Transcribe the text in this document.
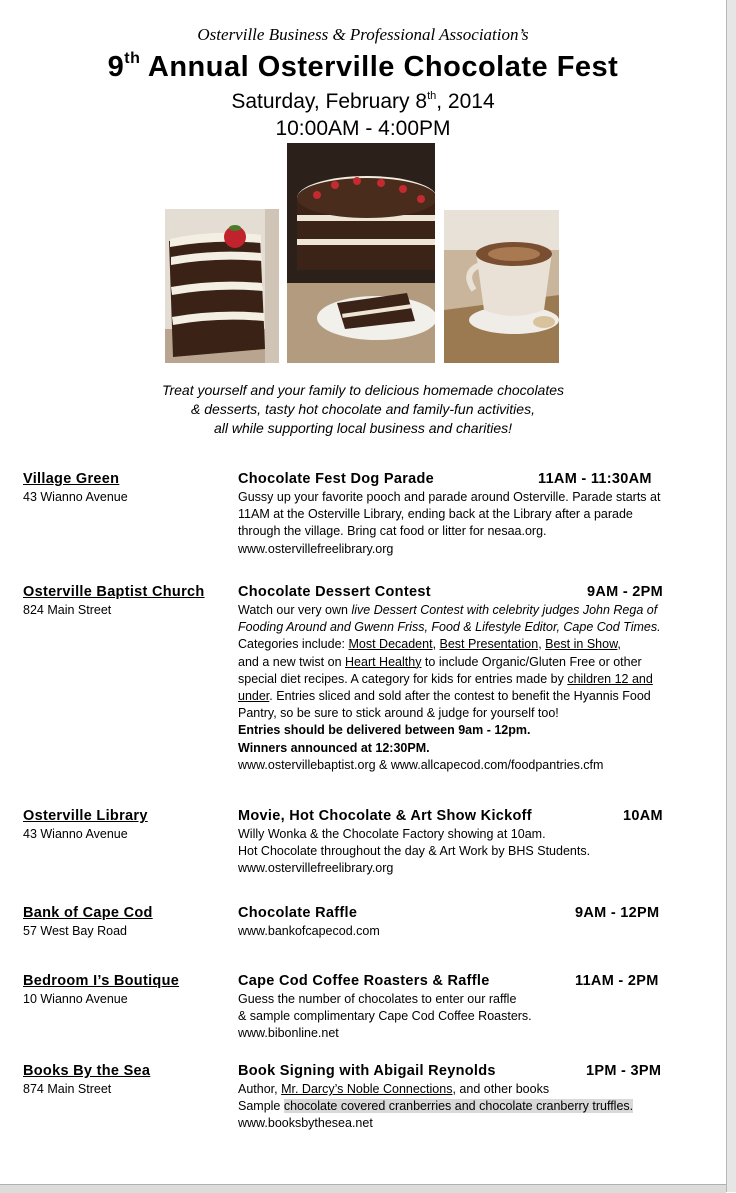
Osterville Business & Professional Association’s
9th Annual Osterville Chocolate Fest
Saturday, February 8th, 2014
10:00AM - 4:00PM
Treat yourself and your family to delicious homemade chocolates
& desserts, tasty hot chocolate and family-fun activities,
all while supporting local business and charities!
Village Green
43 Wianno Avenue
Chocolate Fest Dog Parade	11AM - 11:30AM
Gussy up your favorite pooch and parade around Osterville. Parade starts at
11AM at the Osterville Library, ending back at the Library after a parade
through the village. Bring cat food or litter for nesaa.org.
www.ostervillefreelibrary.org
Osterville Baptist Church
824 Main Street
Chocolate Dessert Contest	9AM - 2PM
Watch our very own live Dessert Contest with celebrity judges John Rega of
Fooding Around and Gwenn Friss, Food & Lifestyle Editor, Cape Cod Times.
Categories include: Most Decadent, Best Presentation, Best in Show,
and a new twist on Heart Healthy to include Organic/Gluten Free or other
special diet recipes. A category for kids for entries made by children 12 and
under. Entries sliced and sold after the contest to benefit the Hyannis Food
Pantry, so be sure to stick around & judge for yourself too!
Entries should be delivered between 9am - 12pm.
Winners announced at 12:30PM.
www.ostervillebaptist.org & www.allcapecod.com/foodpantries.cfm
Osterville Library
43 Wianno Avenue
Movie, Hot Chocolate & Art Show Kickoff	10AM
Willy Wonka & the Chocolate Factory showing at 10am.
Hot Chocolate throughout the day & Art Work by BHS Students.
www.ostervillefreelibrary.org
Bank of Cape Cod
57 West Bay Road
Chocolate Raffle	9AM - 12PM
www.bankofcapecod.com
Bedroom I’s Boutique
10 Wianno Avenue
Cape Cod Coffee Roasters & Raffle	11AM - 2PM
Guess the number of chocolates to enter our raffle
& sample complimentary Cape Cod Coffee Roasters.
www.bibonline.net
Books By the Sea
874 Main Street
Book Signing with Abigail Reynolds	1PM - 3PM
Author, Mr. Darcy’s Noble Connections, and other books
Sample chocolate covered cranberries and chocolate cranberry truffles.
www.booksbythesea.net
